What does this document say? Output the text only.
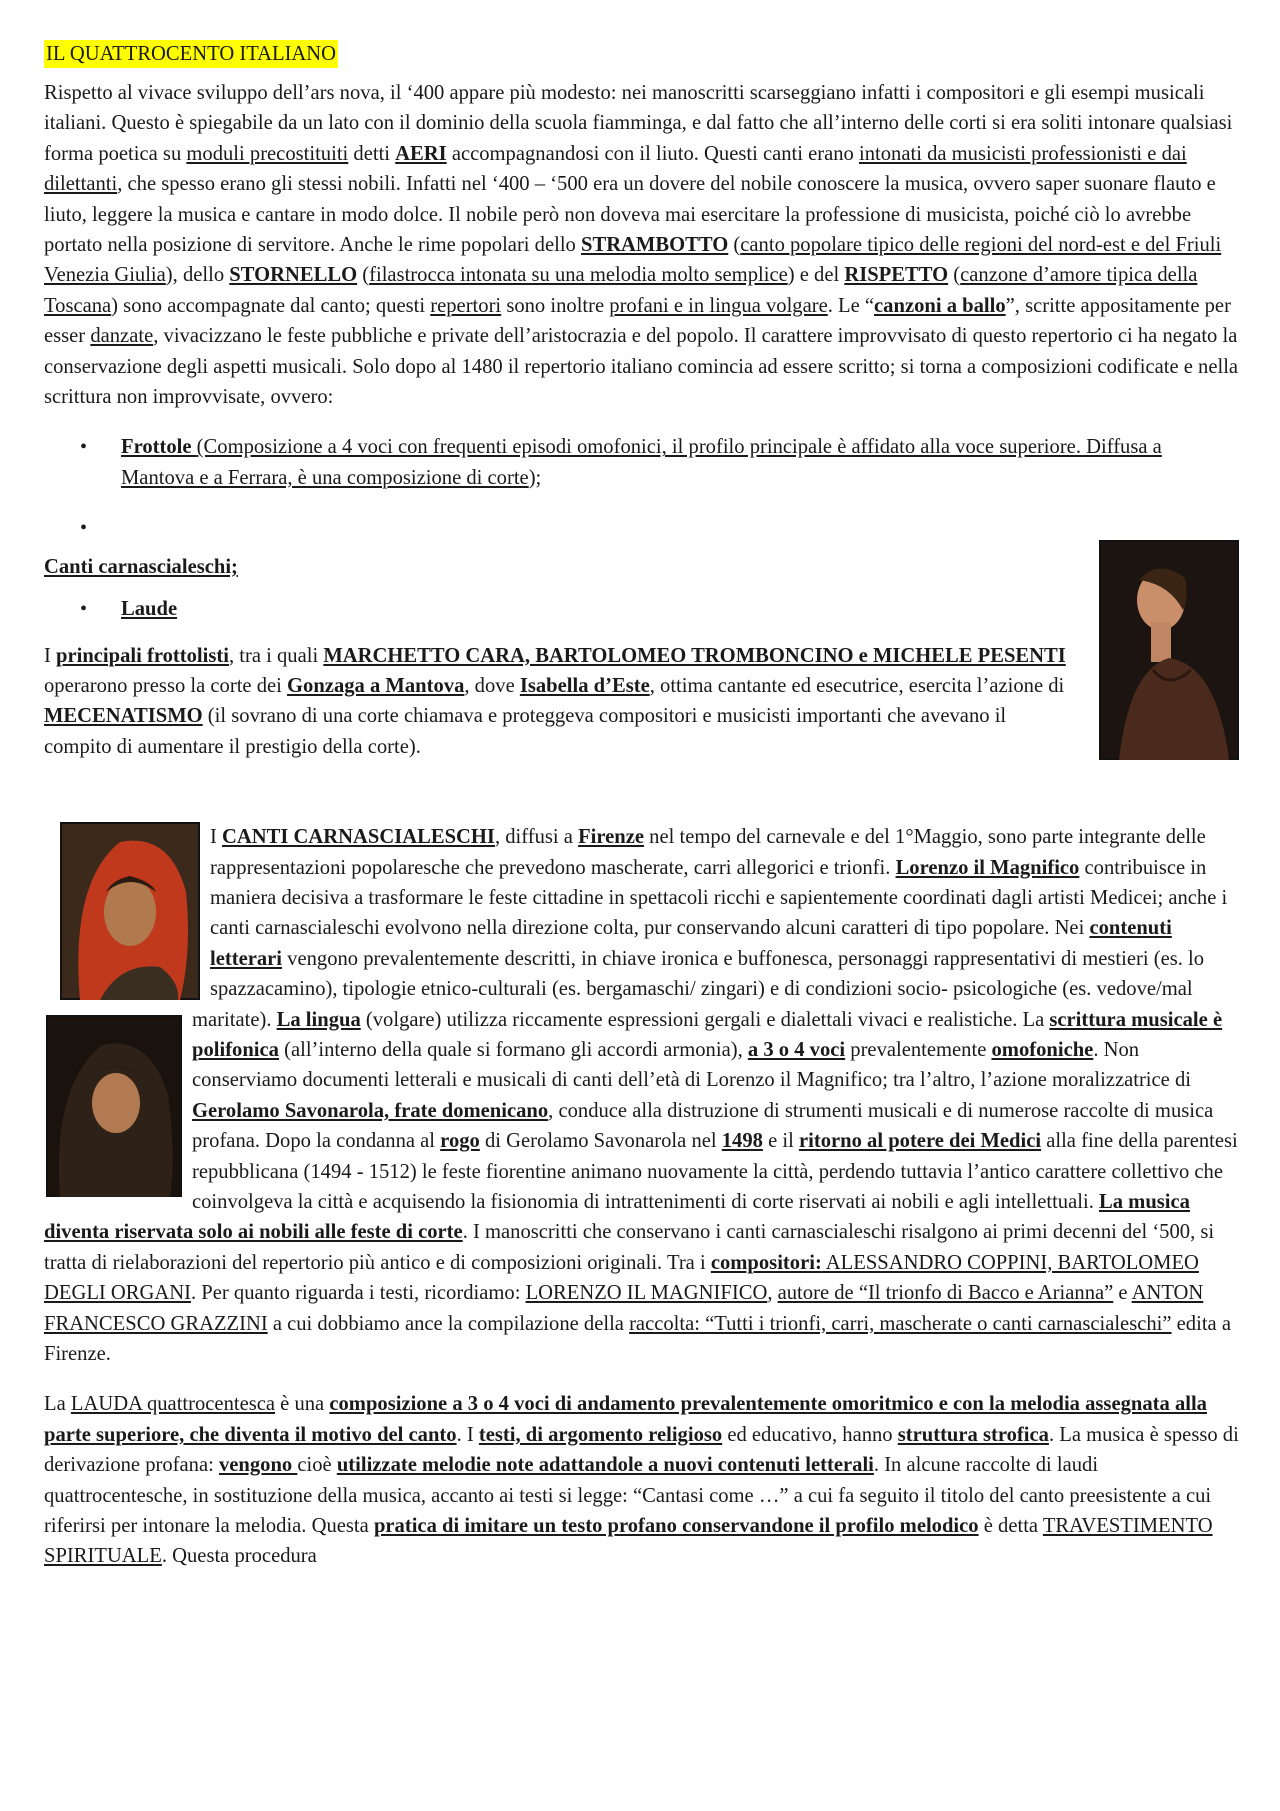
IL QUATTROCENTO ITALIANO

Rispetto al vivace sviluppo dell’ars nova, il ‘400 appare più modesto: nei manoscritti scarseggiano infatti i compositori e gli esempi musicali italiani. Questo è spiegabile da un lato con il dominio della scuola fiamminga, e dal fatto che all’interno delle corti si era soliti intonare qualsiasi forma poetica su moduli precostituiti detti AERI accompagnandosi con il liuto. Questi canti erano intonati da musicisti professionisti e dai dilettanti, che spesso erano gli stessi nobili. Infatti nel ‘400 – ‘500 era un dovere del nobile conoscere la musica, ovvero saper suonare flauto e liuto, leggere la musica e cantare in modo dolce. Il nobile però non doveva mai esercitare la professione di musicista, poiché ciò lo avrebbe portato nella posizione di servitore. Anche le rime popolari dello STRAMBOTTO (canto popolare tipico delle regioni del nord-est e del Friuli Venezia Giulia), dello STORNELLO (filastrocca intonata su una melodia molto semplice) e del RISPETTO (canzone d’amore tipica della Toscana) sono accompagnate dal canto; questi repertori sono inoltre profani e in lingua volgare. Le “canzoni a ballo”, scritte appositamente per esser danzate, vivacizzano le feste pubbliche e private dell’aristocrazia e del popolo. Il carattere improvvisato di questo repertorio ci ha negato la conservazione degli aspetti musicali. Solo dopo al 1480 il repertorio italiano comincia ad essere scritto; si torna a composizioni codificate e nella scrittura non improvvisate, ovvero:

• Frottole (Composizione a 4 voci con frequenti episodi omofonici, il profilo principale è affidato alla voce superiore. Diffusa a Mantova e a Ferrara, è una composizione di corte);
•

Canti carnascialeschi;

• Laude

I principali frottolisti, tra i quali MARCHETTO CARA, BARTOLOMEO TROMBONCINO e MICHELE PESENTI operarono presso la corte dei Gonzaga a Mantova, dove Isabella d’Este, ottima cantante ed esecutrice, esercita l’azione di MECENATISMO (il sovrano di una corte chiamava e proteggeva compositori e musicisti importanti che avevano il compito di aumentare il prestigio della corte).

I CANTI CARNASCIALESCHI, diffusi a Firenze nel tempo del carnevale e del 1°Maggio, sono parte integrante delle rappresentazioni popolaresche che prevedono mascherate, carri allegorici e trionfi. Lorenzo il Magnifico contribuisce in maniera decisiva a trasformare le feste cittadine in spettacoli ricchi e sapientemente coordinati dagli artisti Medicei; anche i canti carnascialeschi evolvono nella direzione colta, pur conservando alcuni caratteri di tipo popolare. Nei contenuti letterari vengono prevalentemente descritti, in chiave ironica e buffonesca, personaggi rappresentativi di mestieri (es. lo spazzacamino), tipologie etnico-culturali (es. bergamaschi/ zingari) e di condizioni socio- psicologiche (es. vedove/mal maritate).
La lingua (volgare) utilizza riccamente espressioni gergali e dialettali vivaci e realistiche. La scrittura musicale è polifonica (all’interno della quale si formano gli accordi armonia), a 3 o 4 voci prevalentemente omofoniche. Non conserviamo documenti letterali e musicali di canti dell’età di Lorenzo il Magnifico; tra l’altro, l’azione moralizzatrice di Gerolamo Savonarola, frate domenicano, conduce alla distruzione di strumenti musicali e di numerose raccolte di musica profana. Dopo la condanna al rogo di Gerolamo Savonarola nel 1498 e il ritorno al potere dei Medici alla fine della parentesi repubblicana (1494 - 1512) le feste fiorentine animano nuovamente la città, perdendo tuttavia l’antico carattere collettivo che coinvolgeva la città e acquisendo la fisionomia di intrattenimenti di corte riservati ai nobili e agli intellettuali. La musica diventa riservata solo ai nobili alle feste di corte. I manoscritti che conservano i canti carnascialeschi risalgono ai primi decenni del ‘500, si tratta di rielaborazioni del repertorio più antico e di composizioni originali. Tra i compositori: ALESSANDRO COPPINI, BARTOLOMEO DEGLI ORGANI. Per quanto riguarda i testi, ricordiamo: LORENZO IL MAGNIFICO, autore de “Il trionfo di Bacco e Arianna” e ANTON FRANCESCO GRAZZINI a cui dobbiamo ance la compilazione della raccolta: “Tutti i trionfi, carri, mascherate o canti carnascialeschi” edita a Firenze.

La LAUDA quattrocentesca è una composizione a 3 o 4 voci di andamento prevalentemente omoritmico e con la melodia assegnata alla parte superiore, che diventa il motivo del canto. I testi, di argomento religioso ed educativo, hanno struttura strofica. La musica è spesso di derivazione profana: vengono cioè utilizzate melodie note adattandole a nuovi contenuti letterali. In alcune raccolte di laudi quattrocentesche, in sostituzione della musica, accanto ai testi si legge: “Cantasi come …” a cui fa seguito il titolo del canto preesistente a cui riferirsi per intonare la melodia. Questa pratica di imitare un testo profano conservandone il profilo melodico è detta TRAVESTIMENTO SPIRITUALE. Questa procedura
